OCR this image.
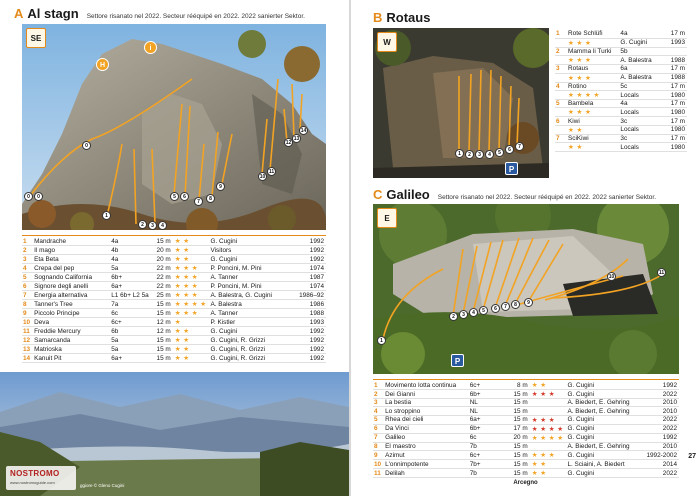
A Al stagn Settore risanato nel 2022. Secteur rééquipé en 2022. 2022 sanierter Sektor.
SE
H
i
0	0
0
1
2	3	4
5	6
7	8
9
10
11
12
13
14
1	Mandrache	4a	15 m	★ ★	G. Cugini	1992
2	Il mago	4b	20 m	★ ★	Visitors	1992
3	Eta Beta	4a	20 m	★ ★	G. Cugini	1992
4	Crepa del pep	5a	22 m	★ ★ ★	P. Poncini, M. Pini	1974
5	Sognando California	6b+	22 m	★ ★ ★	A. Tanner	1987
6	Signore degli anelli	6a+	22 m	★ ★ ★	P. Poncini, M. Pini	1974
7	Energia alternativa	L1 6b+ L2 5a	25 m	★ ★ ★	A. Balestra, G. Cugini	1986–92
8	Tanner's Tree	7a	15 m	★ ★ ★ ★	A. Balestra	1986
9	Piccolo Principe	6c	15 m	★ ★ ★	A. Tanner	1988
10	Deva	6c+	12 m	★	P. Kistler	1993
11	Freddie Mercury	6b	12 m	★ ★	G. Cugini	1992
12	Samarcanda	5a	15 m	★ ★	G. Cugini, R. Grizzi	1992
13	Matrioska	5a	15 m	★ ★	G. Cugini, R. Grizzi	1992
14	Kanuit Pit	6a+	15 m	★ ★	G. Cugini, R. Grizzi	1992
NOSTROMO
www.nostromoguide.com
ggiore © Gleno Cugini
B Rotaus
W
1	2	3	4	5	6	7
P
1	Rote Schlüfi	4a	17 m
	★ ★ ★	G. Cugini	1993
2	Mamma li Turki	5b	
	★ ★ ★	A. Balestra	1988
3	Rotaus	6a	17 m
	★ ★ ★	A. Balestra	1988
4	Rotino	5c	17 m
	★ ★ ★ ★	Locals	1980
5	Bambela	4a	17 m
	★ ★ ★	Locals	1980
6	Kiwi	3c	17 m
	★ ★	Locals	1980
7	SciKiwi	3c	17 m
	★ ★	Locals	1980
C Galileo Settore risanato nel 2022. Secteur rééquipé en 2022. 2022 sanierter Sektor.
E
1
2	3	4	5	6	7	8	9
10
11
P
1	Movimento lotta continua	6c+	8 m	★ ★	G. Cugini	1992
2	Dei Gianni	6b+	15 m	★ ★ ★	G. Cugini	2022
3	La bestia	NL	15 m		A. Biedert, E. Gehring	2010
4	Lo stroppino	NL	15 m		A. Biedert, E. Gehring	2010
5	Rhea dei cieli	6a+	15 m	★ ★ ★	G. Cugini	2022
6	Da Vinci	6b+	17 m	★ ★ ★ ★	G. Cugini	2022
7	Galileo	6c	20 m	★ ★ ★ ★	G. Cugini	1992
8	El maestro	7b	15 m		A. Biedert, E. Gehring	2010
9	Azimut	6c+	15 m	★ ★ ★	G. Cugini	1992-2002
10	L'onnimpotente	7b+	15 m	★ ★	L. Sciaini, A. Biedert	2014
11	Delilah	7b	15 m	★ ★	G. Cugini	2022
27
Arcegno
